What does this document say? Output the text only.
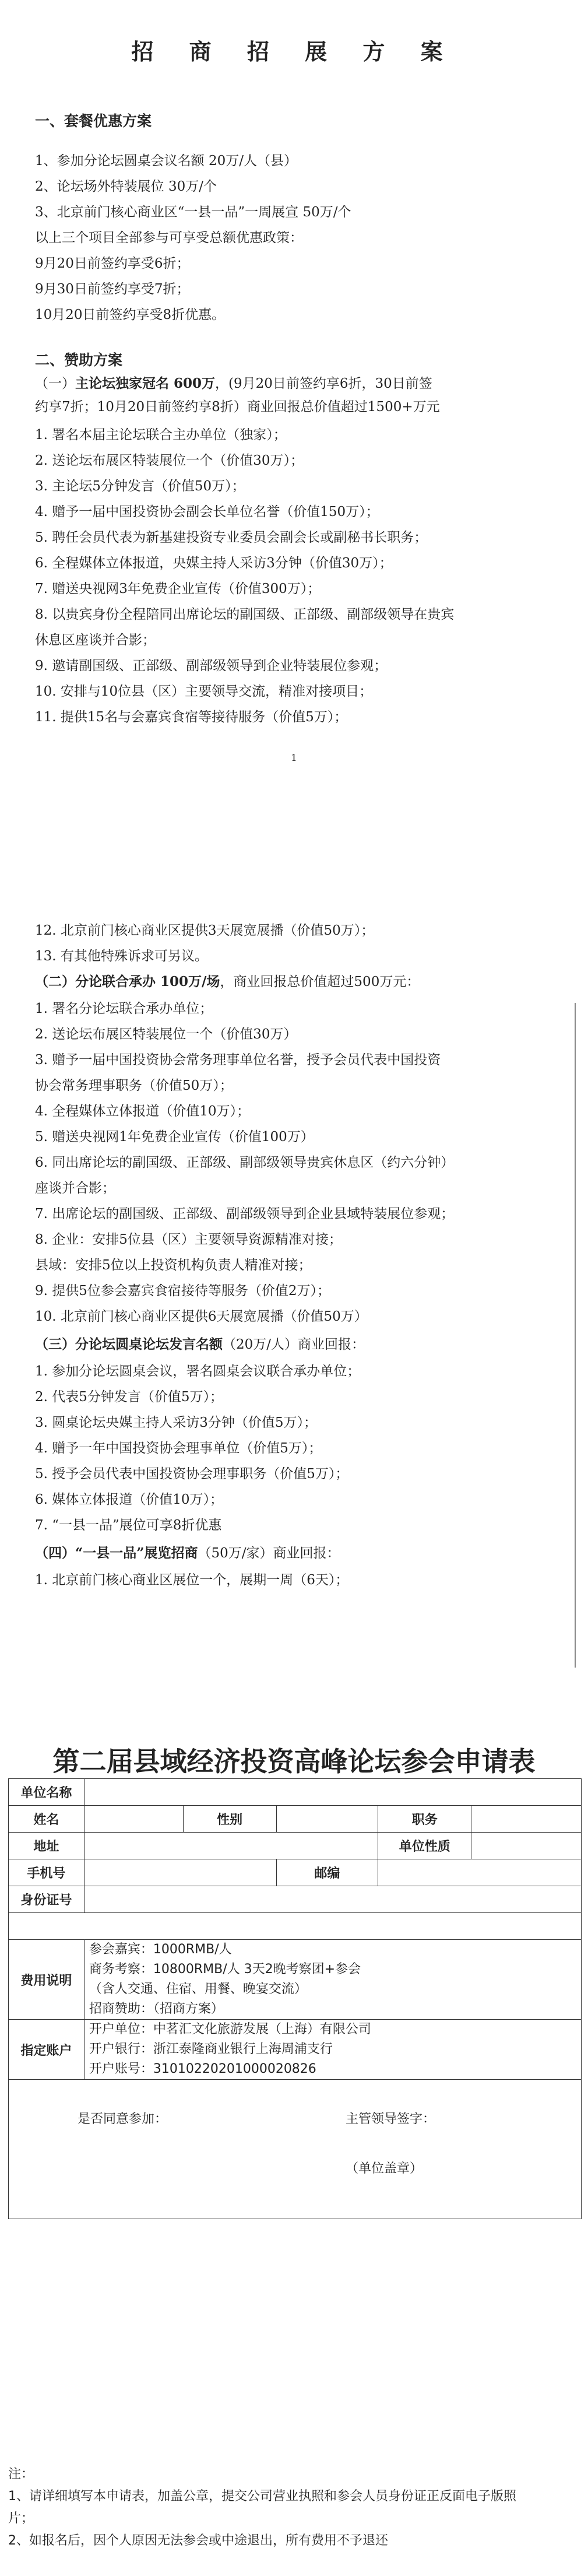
招 商 招 展 方 案
一、套餐优惠方案
1、参加分论坛圆桌会议名额 20万/人（县）
2、论坛场外特装展位 30万/个
3、北京前门核心商业区“一县一品”一周展宣 50万/个
以上三个项目全部参与可享受总额优惠政策：
9月20日前签约享受6折；
9月30日前签约享受7折；
10月20日前签约享受8折优惠。
二、赞助方案
（一）主论坛独家冠名 600万，(9月20日前签约享6折，30日前签
约享7折；10月20日前签约享8折）商业回报总价值超过1500+万元
1. 署名本届主论坛联合主办单位（独家）；
2. 送论坛布展区特装展位一个（价值30万）；
3. 主论坛5分钟发言（价值50万）；
4. 赠予一届中国投资协会副会长单位名誉（价值150万）；
5. 聘任会员代表为新基建投资专业委员会副会长或副秘书长职务；
6. 全程媒体立体报道，央媒主持人采访3分钟（价值30万）；
7. 赠送央视网3年免费企业宣传（价值300万）；
8. 以贵宾身份全程陪同出席论坛的副国级、正部级、副部级领导在贵宾
休息区座谈并合影；
9. 邀请副国级、正部级、副部级领导到企业特装展位参观；
10. 安排与10位县（区）主要领导交流，精准对接项目；
11. 提供15名与会嘉宾食宿等接待服务（价值5万）；
1
12. 北京前门核心商业区提供3天展宽展播（价值50万）；
13. 有其他特殊诉求可另议。
（二）分论联合承办 100万/场，商业回报总价值超过500万元：
1. 署名分论坛联合承办单位；
2. 送论坛布展区特装展位一个（价值30万）
3. 赠予一届中国投资协会常务理事单位名誉，授予会员代表中国投资
协会常务理事职务（价值50万）；
4. 全程媒体立体报道（价值10万）；
5. 赠送央视网1年免费企业宣传（价值100万）
6. 同出席论坛的副国级、正部级、副部级领导贵宾休息区（约六分钟）
座谈并合影；
7. 出席论坛的副国级、正部级、副部级领导到企业县域特装展位参观；
8. 企业：安排5位县（区）主要领导资源精准对接；
县域：安排5位以上投资机构负责人精准对接；
9. 提供5位参会嘉宾食宿接待等服务（价值2万）；
10. 北京前门核心商业区提供6天展宽展播（价值50万）
（三）分论坛圆桌论坛发言名额（20万/人）商业回报：
1. 参加分论坛圆桌会议，署名圆桌会议联合承办单位；
2. 代表5分钟发言（价值5万）；
3. 圆桌论坛央媒主持人采访3分钟（价值5万）；
4. 赠予一年中国投资协会理事单位（价值5万）；
5. 授予会员代表中国投资协会理事职务（价值5万）；
6. 媒体立体报道（价值10万）；
7. “一县一品”展位可享8折优惠
（四）“一县一品”展览招商（50万/家）商业回报：
1. 北京前门核心商业区展位一个，展期一周（6天）；
第二届县域经济投资高峰论坛参会申请表
单位名称					
姓名		性别		职务	
地址				单位性质	
手机号			邮编		
身份证号					

费用说明	参会嘉宾：1000RMB/人
商务考察：10800RMB/人 3天2晚考察团+参会
（含人交通、住宿、用餐、晚宴交流）
招商赞助：（招商方案）				

指定账户	开户单位：中茗汇文化旅游发展（上海）有限公司
开户银行：浙江泰隆商业银行上海周浦支行
开户账号：31010220201000020826				

是否同意参加： 主管领导签字：
（单位盖章）					
注：
1、请详细填写本申请表，加盖公章，提交公司营业执照和参会人员身份证正反面电子版照
片；
2、如报名后，因个人原因无法参会或中途退出，所有费用不予退还
